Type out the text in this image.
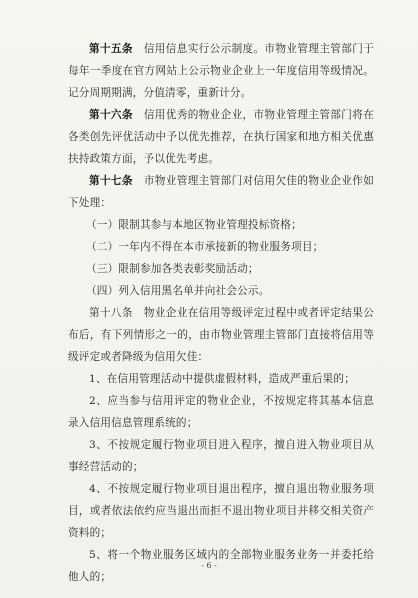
第十五条　 信用信息实行公示制度。市物业管理主管部门于每年一季度在官方网站上公示物业企业上一年度信用等级情况。记分周期期满，分值清零，重新计分。

第十六条　 信用优秀的物业企业，市物业管理主管部门将在各类创先评优活动中予以优先推荐，在执行国家和地方相关优惠扶持政策方面，予以优先考虑。

第十七条　 市物业管理主管部门对信用欠佳的物业企业作如下处理：

（一）限制其参与本地区物业管理投标资格；

（二）一年内不得在本市承接新的物业服务项目；

（三）限制参加各类表彰奖励活动；

（四）列入信用黑名单并向社会公示。

第十八条　物业企业在信用等级评定过程中或者评定结果公布后，有下列情形之一的，由市物业管理主管部门直接将信用等级评定或者降级为信用欠佳：

1、在信用管理活动中提供虚假材料，造成严重后果的；

2、应当参与信用评定的物业企业，不按规定将其基本信息录入信用信息管理系统的；

3、不按规定履行物业项目进入程序，擅自进入物业项目从事经营活动的；

4、不按规定履行物业项目退出程序，擅自退出物业服务项目，或者依法依约应当退出而拒不退出物业项目并移交相关资产资料的；

5、将一个物业服务区域内的全部物业服务业务一并委托给他人的；

- 6 -
